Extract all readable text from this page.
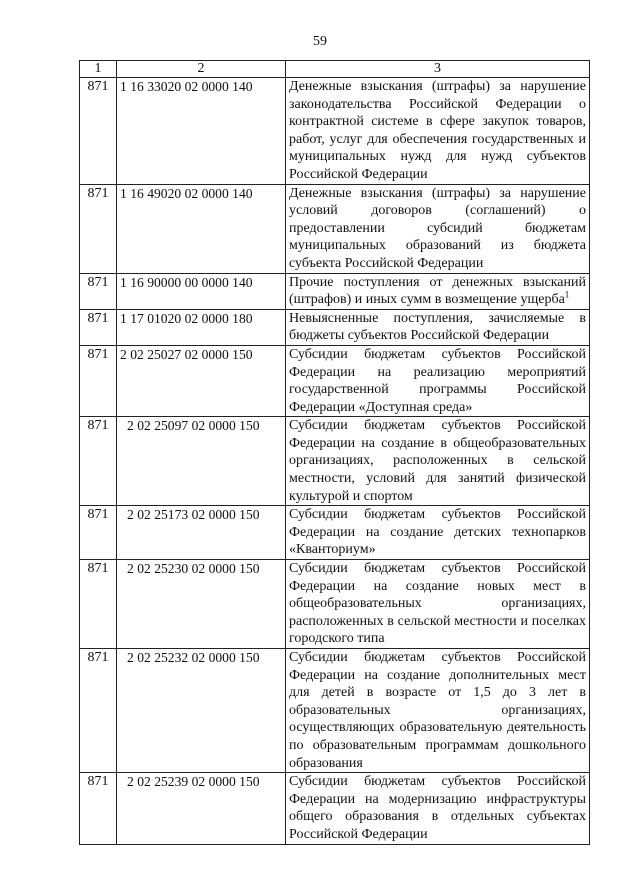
59
1	2	3
871	1 16 33020 02 0000 140	Денежные взыскания (штрафы) за нарушение законодательства Российской Федерации о контрактной системе в сфере закупок товаров, работ, услуг для обеспечения государственных и муниципальных нужд для нужд субъектов Российской Федерации
871	1 16 49020 02 0000 140	Денежные взыскания (штрафы) за нарушение условий договоров (соглашений) о предоставлении субсидий бюджетам муниципальных образований из бюджета субъекта Российской Федерации
871	1 16 90000 00 0000 140	Прочие поступления от денежных взысканий (штрафов) и иных сумм в возмещение ущерба$^1$
871	1 17 01020 02 0000 180	Невыясненные поступления, зачисляемые в бюджеты субъектов Российской Федерации
871	2 02 25027 02 0000 150	Субсидии бюджетам субъектов Российской Федерации на реализацию мероприятий государственной программы Российской Федерации «Доступная среда»
871	2 02 25097 02 0000 150	Субсидии бюджетам субъектов Российской Федерации на создание в общеобразовательных организациях, расположенных в сельской местности, условий для занятий физической культурой и спортом
871	2 02 25173 02 0000 150	Субсидии бюджетам субъектов Российской Федерации на создание детских технопарков «Кванториум»
871	2 02 25230 02 0000 150	Субсидии бюджетам субъектов Российской Федерации на создание новых мест в общеобразовательных организациях, расположенных в сельской местности и поселках городского типа
871	2 02 25232 02 0000 150	Субсидии бюджетам субъектов Российской Федерации на создание дополнительных мест для детей в возрасте от 1,5 до 3 лет в образовательных организациях, осуществляющих образовательную деятельность по образовательным программам дошкольного образования
871	2 02 25239 02 0000 150	Субсидии бюджетам субъектов Российской Федерации на модернизацию инфраструктуры общего образования в отдельных субъектах Российской Федерации
